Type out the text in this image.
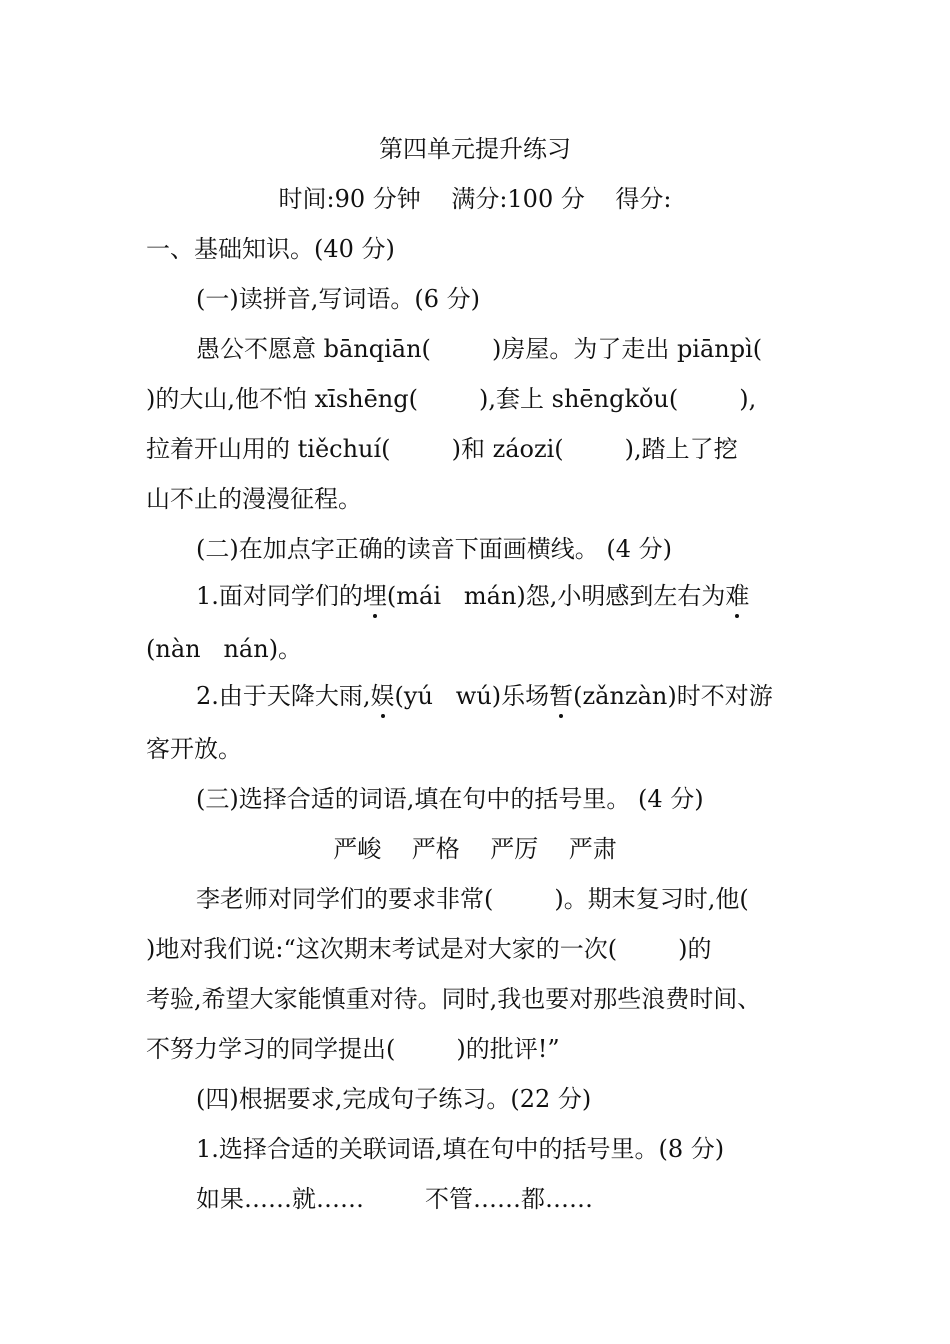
第四单元提升练习
时间:90 分钟    满分:100 分    得分:
一、基础知识。(40 分)
(一)读拼音,写词语。(6 分)
愚公不愿意 bānqiān(        )房屋。为了走出 piānpì(
)的大山,他不怕 xīshēng(        ),套上 shēngkǒu(        ),
拉着开山用的 tiěchuí(        )和 záozi(        ),踏上了挖
山不止的漫漫征程。
(二)在加点字正确的读音下面画横线。 (4 分)
1.面对同学们的埋(mái   mán)怨,小明感到左右为难
(nàn   nán)。
2.由于天降大雨,娱(yú   wú)乐场暂(zǎnzàn)时不对游
客开放。
(三)选择合适的词语,填在句中的括号里。 (4 分)
严峻    严格    严厉    严肃
李老师对同学们的要求非常(        )。期末复习时,他(
)地对我们说:“这次期末考试是对大家的一次(        )的
考验,希望大家能慎重对待。同时,我也要对那些浪费时间、
不努力学习的同学提出(        )的批评!”
(四)根据要求,完成句子练习。(22 分)
1.选择合适的关联词语,填在句中的括号里。(8 分)
如果……就……        不管……都……
